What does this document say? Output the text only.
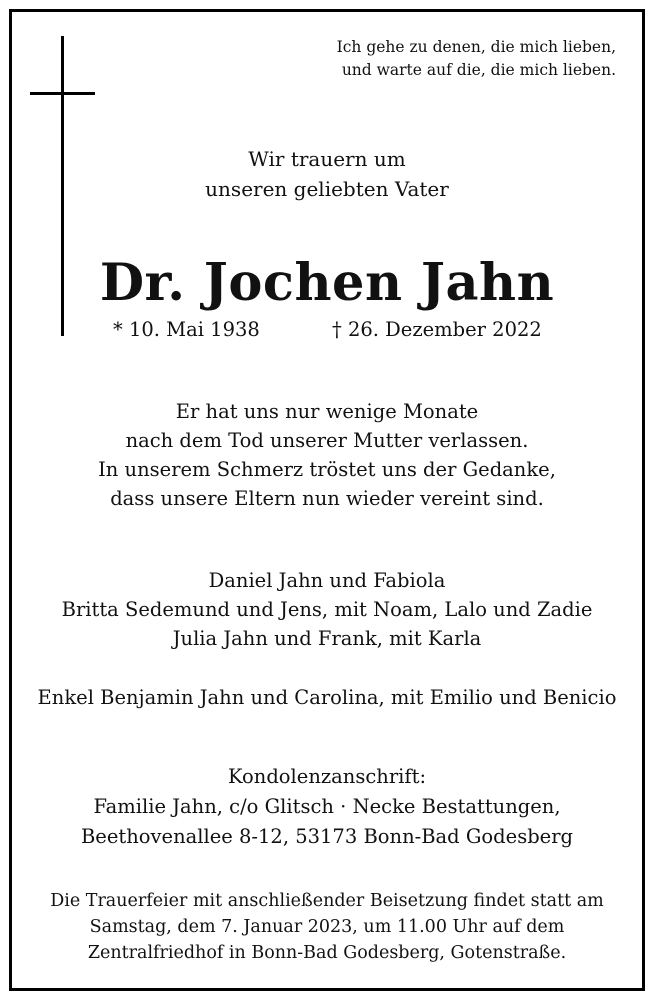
Ich gehe zu denen, die mich lieben,
und warte auf die, die mich lieben.
Wir trauern um
unseren geliebten Vater
Dr. Jochen Jahn
* 10. Mai 1938	† 26. Dezember 2022
Er hat uns nur wenige Monate
nach dem Tod unserer Mutter verlassen.
In unserem Schmerz tröstet uns der Gedanke,
dass unsere Eltern nun wieder vereint sind.
Daniel Jahn und Fabiola
Britta Sedemund und Jens, mit Noam, Lalo und Zadie
Julia Jahn und Frank, mit Karla
Enkel Benjamin Jahn und Carolina, mit Emilio und Benicio
Kondolenzanschrift:
Familie Jahn, c/o Glitsch · Necke Bestattungen,
Beethovenallee 8-12, 53173 Bonn-Bad Godesberg
Die Trauerfeier mit anschließender Beisetzung findet statt am
Samstag, dem 7. Januar 2023, um 11.00 Uhr auf dem
Zentralfriedhof in Bonn-Bad Godesberg, Gotenstraße.
